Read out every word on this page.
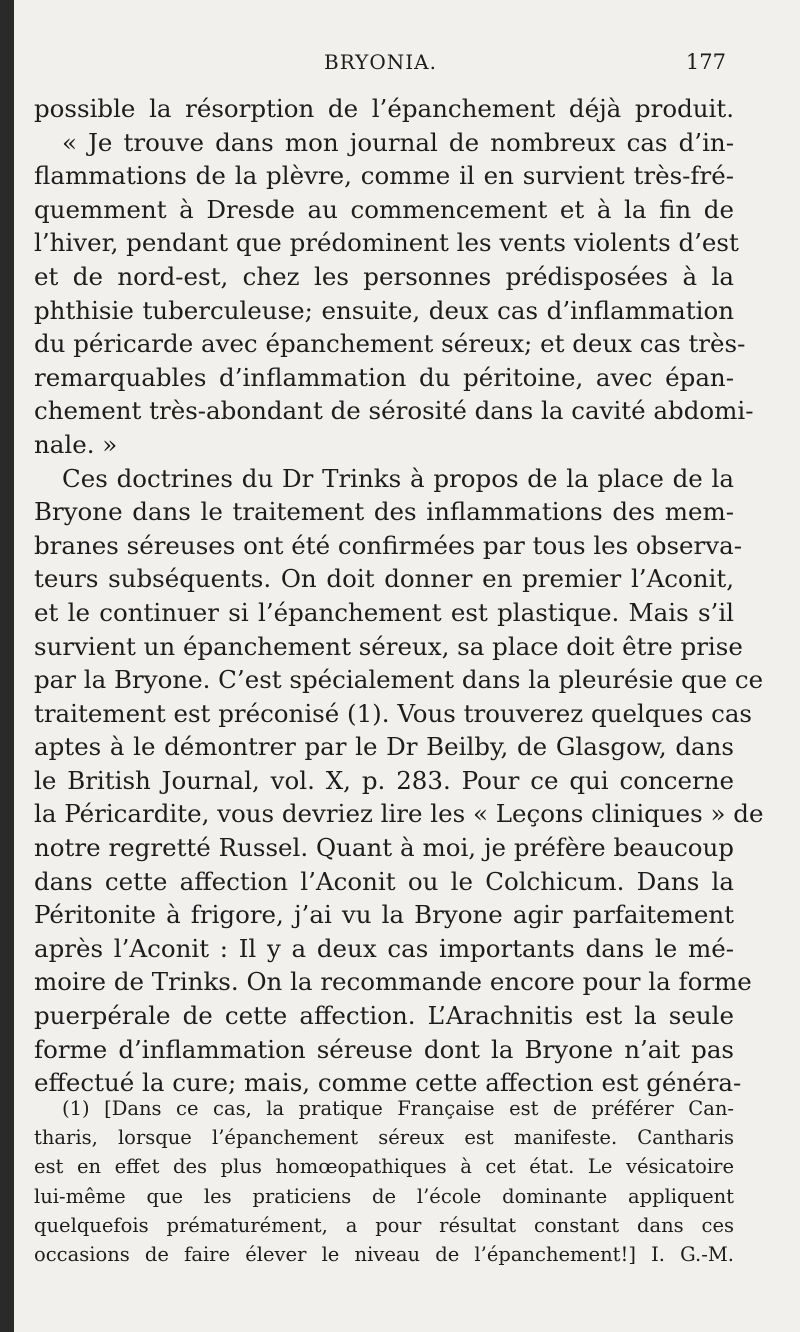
BRYONIA.	177
possible la résorption de l’épanchement déjà produit.
« Je trouve dans mon journal de nombreux cas d’in-
flammations de la plèvre, comme il en survient très-fré-
quemment à Dresde au commencement et à la fin de
l’hiver, pendant que prédominent les vents violents d’est
et de nord-est, chez les personnes prédisposées à la
phthisie tuberculeuse; ensuite, deux cas d’inflammation
du péricarde avec épanchement séreux; et deux cas très-
remarquables d’inflammation du péritoine, avec épan-
chement très-abondant de sérosité dans la cavité abdomi-
nale. »
Ces doctrines du Dr Trinks à propos de la place de la
Bryone dans le traitement des inflammations des mem-
branes séreuses ont été confirmées par tous les observa-
teurs subséquents. On doit donner en premier l’Aconit,
et le continuer si l’épanchement est plastique. Mais s’il
survient un épanchement séreux, sa place doit être prise
par la Bryone. C’est spécialement dans la pleurésie que ce
traitement est préconisé (1). Vous trouverez quelques cas
aptes à le démontrer par le Dr Beilby, de Glasgow, dans
le British Journal, vol. X, p. 283. Pour ce qui concerne
la Péricardite, vous devriez lire les « Leçons cliniques » de
notre regretté Russel. Quant à moi, je préfère beaucoup
dans cette affection l’Aconit ou le Colchicum. Dans la
Péritonite à frigore, j’ai vu la Bryone agir parfaitement
après l’Aconit : Il y a deux cas importants dans le mé-
moire de Trinks. On la recommande encore pour la forme
puerpérale de cette affection. L’Arachnitis est la seule
forme d’inflammation séreuse dont la Bryone n’ait pas
effectué la cure; mais, comme cette affection est généra-
(1) [Dans ce cas, la pratique Française est de préférer Can-
tharis, lorsque l’épanchement séreux est manifeste. Cantharis
est en effet des plus homœopathiques à cet état. Le vésicatoire
lui-même que les praticiens de l’école dominante appliquent
quelquefois prématurément, a pour résultat constant dans ces
occasions de faire élever le niveau de l’épanchement!] I. G.-M.
